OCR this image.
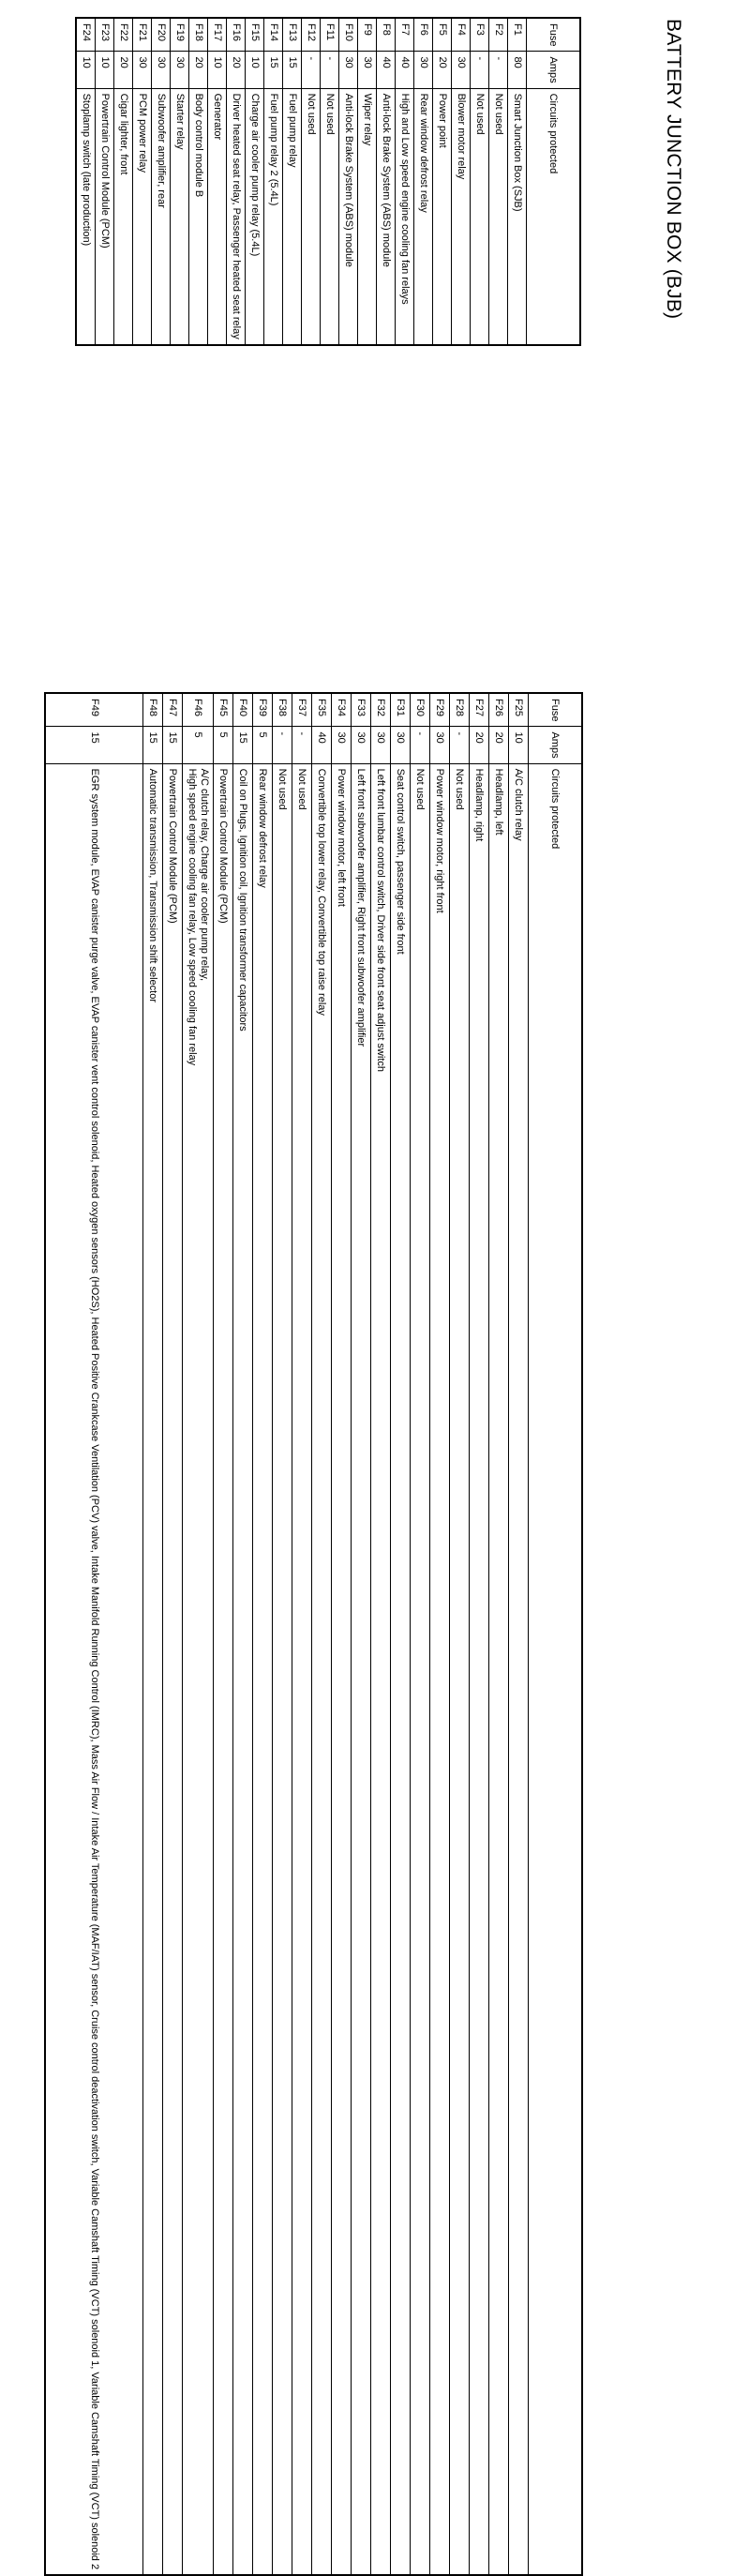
BATTERY JUNCTION BOX (BJB)
Fuse	Amps	Circuits protected
F1	80	Smart Junction Box (SJB)
F2	-	Not used
F3	-	Not used
F4	30	Blower motor relay
F5	20	Power point
F6	30	Rear window defrost relay
F7	40	High and Low speed engine cooling fan relays
F8	40	Anti-lock Brake System (ABS) module
F9	30	Wiper relay
F10	30	Anti-lock Brake System (ABS) module
F11	-	Not used
F12	-	Not used
F13	15	Fuel pump relay
F14	15	Fuel pump relay 2 (5.4L)
F15	10	Charge air cooler pump relay (5.4L)
F16	20	Driver heated seat relay, Passenger heated seat relay
F17	10	Generator
F18	20	Body control module B
F19	30	Starter relay
F20	30	Subwoofer amplifier, rear
F21	30	PCM power relay
F22	20	Cigar lighter, front
F23	10	Powertrain Control Module (PCM)
F24	10	Stoplamp switch (late production)
Fuse	Amps	Circuits protected
F25	10	A/C clutch relay
F26	20	Headlamp, left
F27	20	Headlamp, right
F28	-	Not used
F29	30	Power window motor, right front
F30	-	Not used
F31	30	Seat control switch, passenger side front
F32	30	Left front lumbar control switch, Driver side front seat adjust switch
F33	30	Left front subwoofer amplifier, Right front subwoofer amplifier
F34	30	Power window motor, left front
F35	40	Convertible top lower relay, Convertible top raise relay
F37	-	Not used
F38	-	Not used
F39	5	Rear window defrost relay
F40	15	Coil on Plugs, Ignition coil, Ignition transformer capacitors
F45	5	Powertrain Control Module (PCM)
F46	5	A/C clutch relay, Charge air cooler pump relay,
High speed engine cooling fan relay, Low speed cooling fan relay

F47	15	Powertrain Control Module (PCM)
F48	15	Automatic transmission, Transmission shift selector
F49	15	EGR system module, EVAP canister purge valve, EVAP canister vent control solenoid, Heated oxygen sensors (HO2S), Heated Positive Crankcase Ventilation (PCV) valve, Intake Manifold Running Control (IMRC), Mass Air Flow / Intake Air Temperature (MAF/IAT) sensor, Cruise control deactivation switch, Variable Camshaft Timing (VCT) solenoid 1, Variable Camshaft Timing (VCT) solenoid 2
